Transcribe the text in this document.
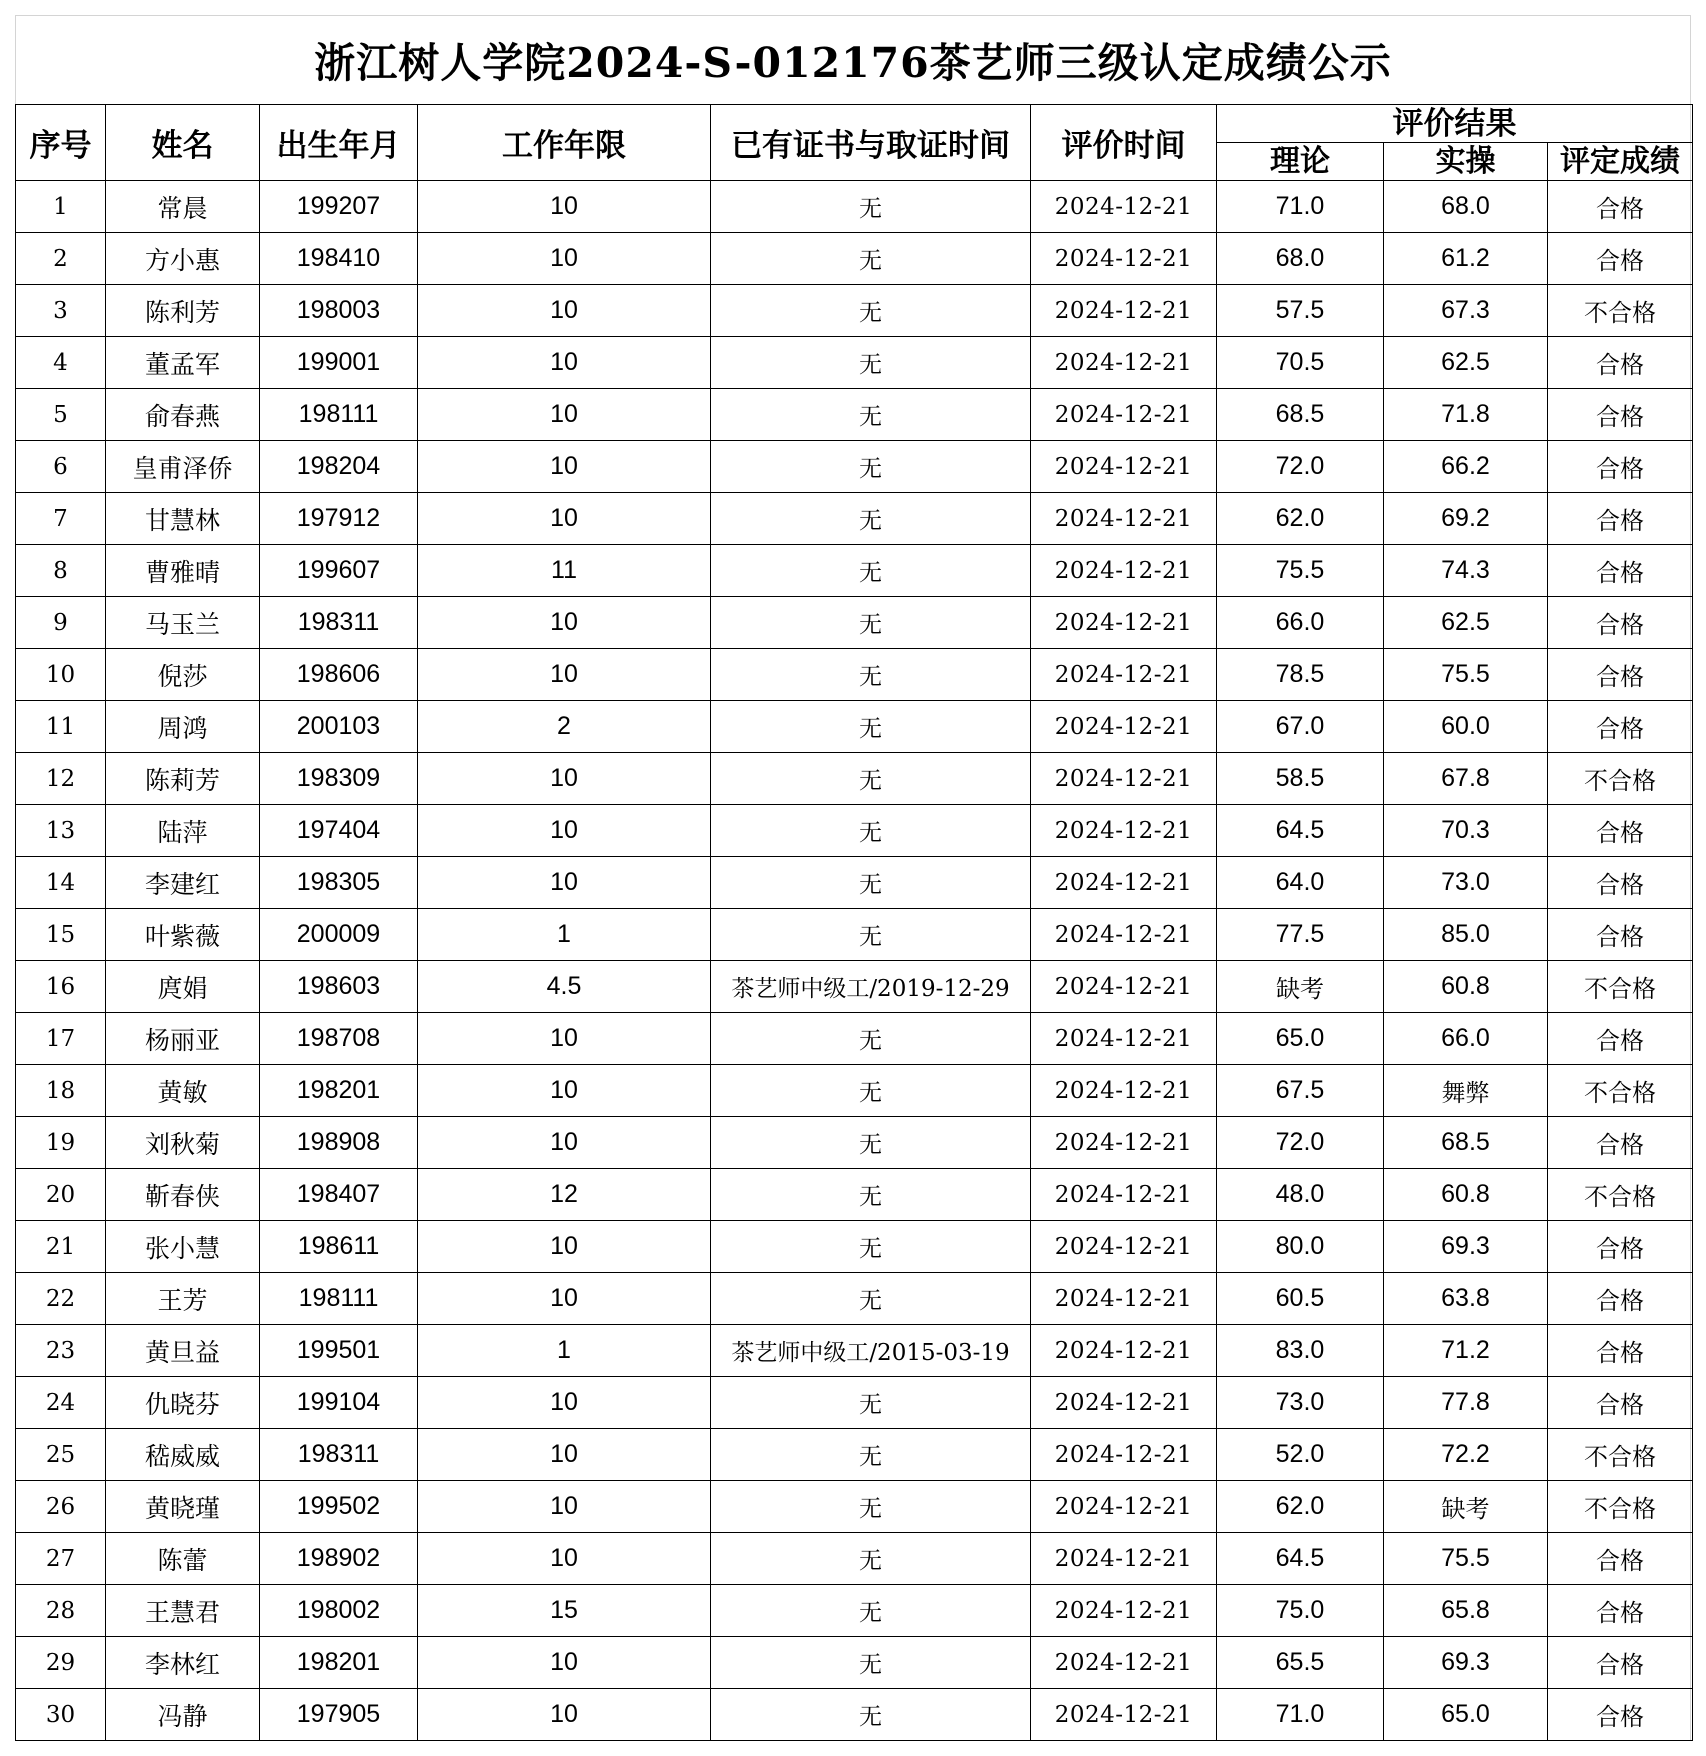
浙江树人学院2024-S-012176茶艺师三级认定成绩公示
序号	姓名	出生年月	工作年限	已有证书与取证时间	评价时间	评价结果		
						理论	实操	评定成绩
1	常晨	199207	10	无	2024-12-21	71.0	68.0	合格
2	方小惠	198410	10	无	2024-12-21	68.0	61.2	合格
3	陈利芳	198003	10	无	2024-12-21	57.5	67.3	不合格
4	董孟军	199001	10	无	2024-12-21	70.5	62.5	合格
5	俞春燕	198111	10	无	2024-12-21	68.5	71.8	合格
6	皇甫泽侨	198204	10	无	2024-12-21	72.0	66.2	合格
7	甘慧林	197912	10	无	2024-12-21	62.0	69.2	合格
8	曹雅晴	199607	11	无	2024-12-21	75.5	74.3	合格
9	马玉兰	198311	10	无	2024-12-21	66.0	62.5	合格
10	倪莎	198606	10	无	2024-12-21	78.5	75.5	合格
11	周鸿	200103	2	无	2024-12-21	67.0	60.0	合格
12	陈莉芳	198309	10	无	2024-12-21	58.5	67.8	不合格
13	陆萍	197404	10	无	2024-12-21	64.5	70.3	合格
14	李建红	198305	10	无	2024-12-21	64.0	73.0	合格
15	叶紫薇	200009	1	无	2024-12-21	77.5	85.0	合格
16	庹娟	198603	4.5	茶艺师中级工/2019-12-29	2024-12-21	缺考	60.8	不合格
17	杨丽亚	198708	10	无	2024-12-21	65.0	66.0	合格
18	黄敏	198201	10	无	2024-12-21	67.5	舞弊	不合格
19	刘秋菊	198908	10	无	2024-12-21	72.0	68.5	合格
20	靳春侠	198407	12	无	2024-12-21	48.0	60.8	不合格
21	张小慧	198611	10	无	2024-12-21	80.0	69.3	合格
22	王芳	198111	10	无	2024-12-21	60.5	63.8	合格
23	黄旦益	199501	1	茶艺师中级工/2015-03-19	2024-12-21	83.0	71.2	合格
24	仇晓芬	199104	10	无	2024-12-21	73.0	77.8	合格
25	嵇威威	198311	10	无	2024-12-21	52.0	72.2	不合格
26	黄晓瑾	199502	10	无	2024-12-21	62.0	缺考	不合格
27	陈蕾	198902	10	无	2024-12-21	64.5	75.5	合格
28	王慧君	198002	15	无	2024-12-21	75.0	65.8	合格
29	李林红	198201	10	无	2024-12-21	65.5	69.3	合格
30	冯静	197905	10	无	2024-12-21	71.0	65.0	合格
